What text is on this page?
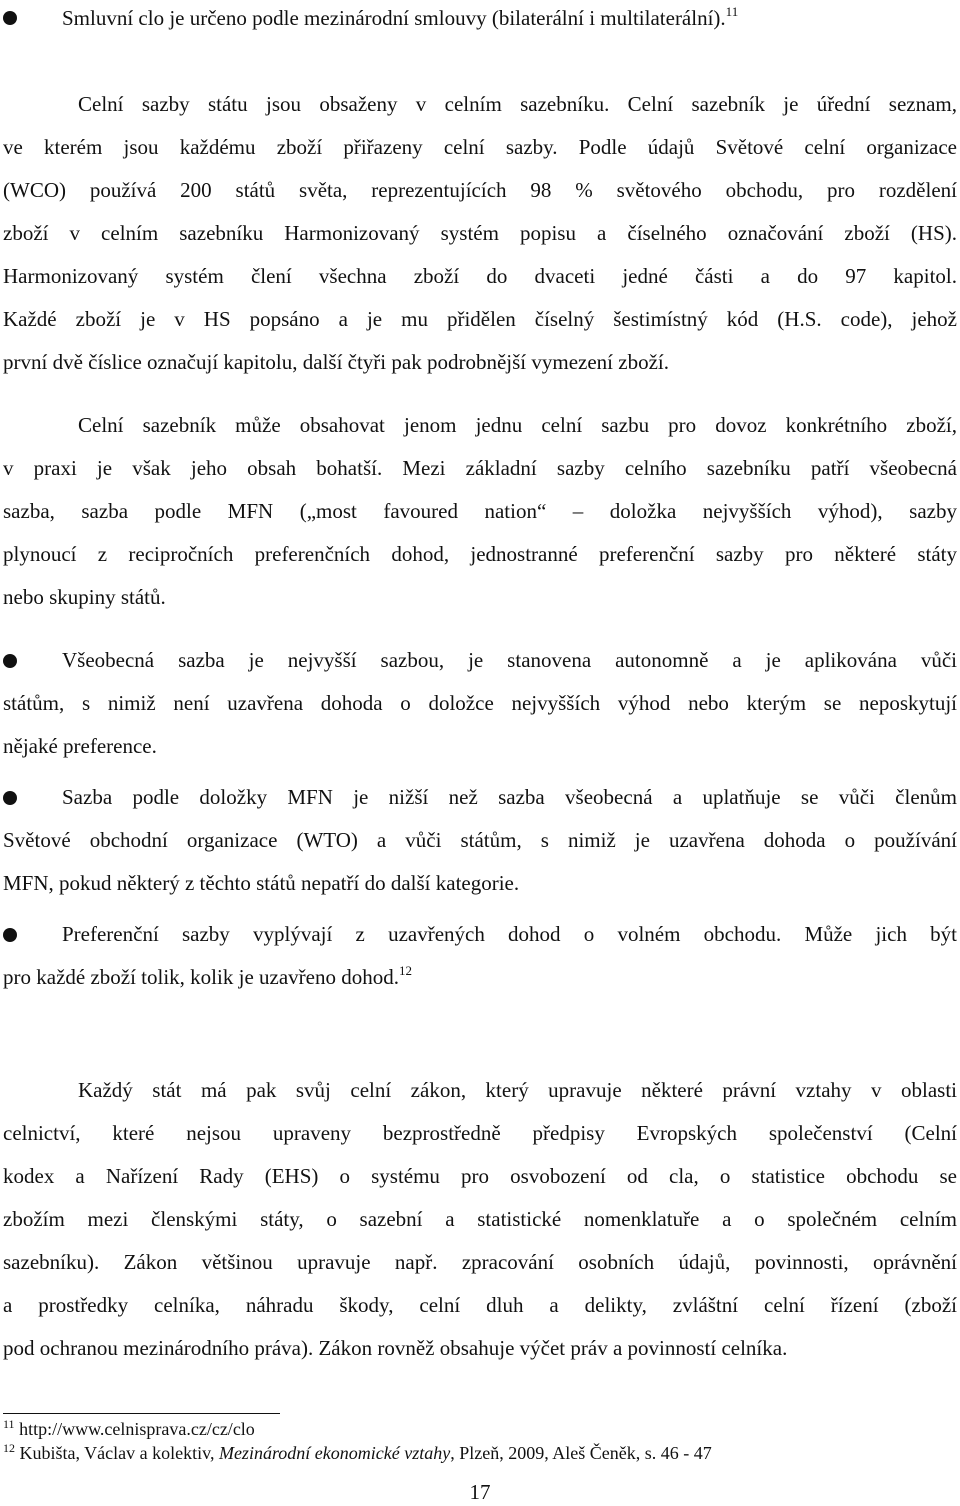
Smluvní clo je určeno podle mezinárodní smlouvy (bilaterální i multilaterální).$^{11}$
Celní sazby státu jsou obsaženy v celním sazebníku. Celní sazebník je úřední seznam,
ve kterém jsou každému zboží přiřazeny celní sazby. Podle údajů Světové celní organizace
(WCO) používá 200 států světa, reprezentujících 98 % světového obchodu, pro rozdělení
zboží v celním sazebníku Harmonizovaný systém popisu a číselného označování zboží (HS).
Harmonizovaný systém člení všechna zboží do dvaceti jedné části a do 97 kapitol.
Každé zboží je v HS popsáno a je mu přidělen číselný šestimístný kód (H.S. code), jehož
první dvě číslice označují kapitolu, další čtyři pak podrobnější vymezení zboží.
Celní sazebník může obsahovat jenom jednu celní sazbu pro dovoz konkrétního zboží,
v praxi je však jeho obsah bohatší. Mezi základní sazby celního sazebníku patří všeobecná
sazba, sazba podle MFN („most favoured nation“ – doložka nejvyšších výhod), sazby
plynoucí z recipročních preferenčních dohod, jednostranné preferenční sazby pro některé státy
nebo skupiny států.
Všeobecná sazba je nejvyšší sazbou, je stanovena autonomně a je aplikována vůči
státům, s nimiž není uzavřena dohoda o doložce nejvyšších výhod nebo kterým se neposkytují
nějaké preference.
Sazba podle doložky MFN je nižší než sazba všeobecná a uplatňuje se vůči členům
Světové obchodní organizace (WTO) a vůči státům, s nimiž je uzavřena dohoda o používání
MFN, pokud některý z těchto států nepatří do další kategorie.
Preferenční sazby vyplývají z uzavřených dohod o volném obchodu. Může jich být
pro každé zboží tolik, kolik je uzavřeno dohod.$^{12}$
Každý stát má pak svůj celní zákon, který upravuje některé právní vztahy v oblasti
celnictví, které nejsou upraveny bezprostředně předpisy Evropských společenství (Celní
kodex a Nařízení Rady (EHS) o systému pro osvobození od cla, o statistice obchodu se
zbožím mezi členskými státy, o sazební a statistické nomenklatuře a o společném celním
sazebníku). Zákon většinou upravuje např. zpracování osobních údajů, povinnosti, oprávnění
a prostředky celníka, náhradu škody, celní dluh a delikty, zvláštní celní řízení (zboží
pod ochranou mezinárodního práva). Zákon rovněž obsahuje výčet práv a povinností celníka.
$^{11}$ http://www.celnisprava.cz/cz/clo
$^{12}$ Kubišta, Václav a kolektiv, Mezinárodní ekonomické vztahy, Plzeň, 2009, Aleš Čeněk, s. 46 - 47
17
